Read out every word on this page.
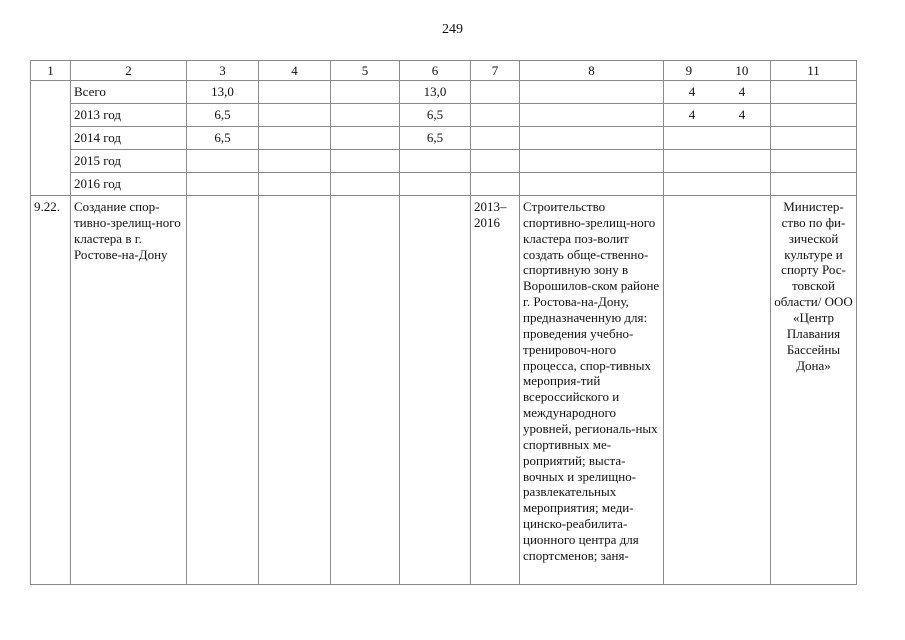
249
1	2	3	4	5	6	7	8	9 10	11
	Всего	13,0			13,0			4 4	

	2013 год	6,5			6,5			4 4	

	2014 год	6,5			6,5				
	2015 год								
	2016 год								
9.22.	Создание спор-тивно-зрелищ-ного кластера в г. Ростове-на-Дону					2013–2016	Строительство спортивно-зрелищ-ного кластера поз-волит создать обще-ственно-спортивную зону в Ворошилов-ском районе г. Ростова-на-Дону, предназначенную для: проведения учебно-тренировоч-ного процесса, спор-тивных мероприя-тий всероссийского и международного уровней, региональ-ных спортивных ме-роприятий; выста-вочных и зрелищно-развлекательных мероприятия; меди-цинско-реабилита-ционного центра для спортсменов; заня-		Министер-ство по фи-зической культуре и спорту Рос-товской области/ ООО «Центр Плавания Бассейны Дона»
